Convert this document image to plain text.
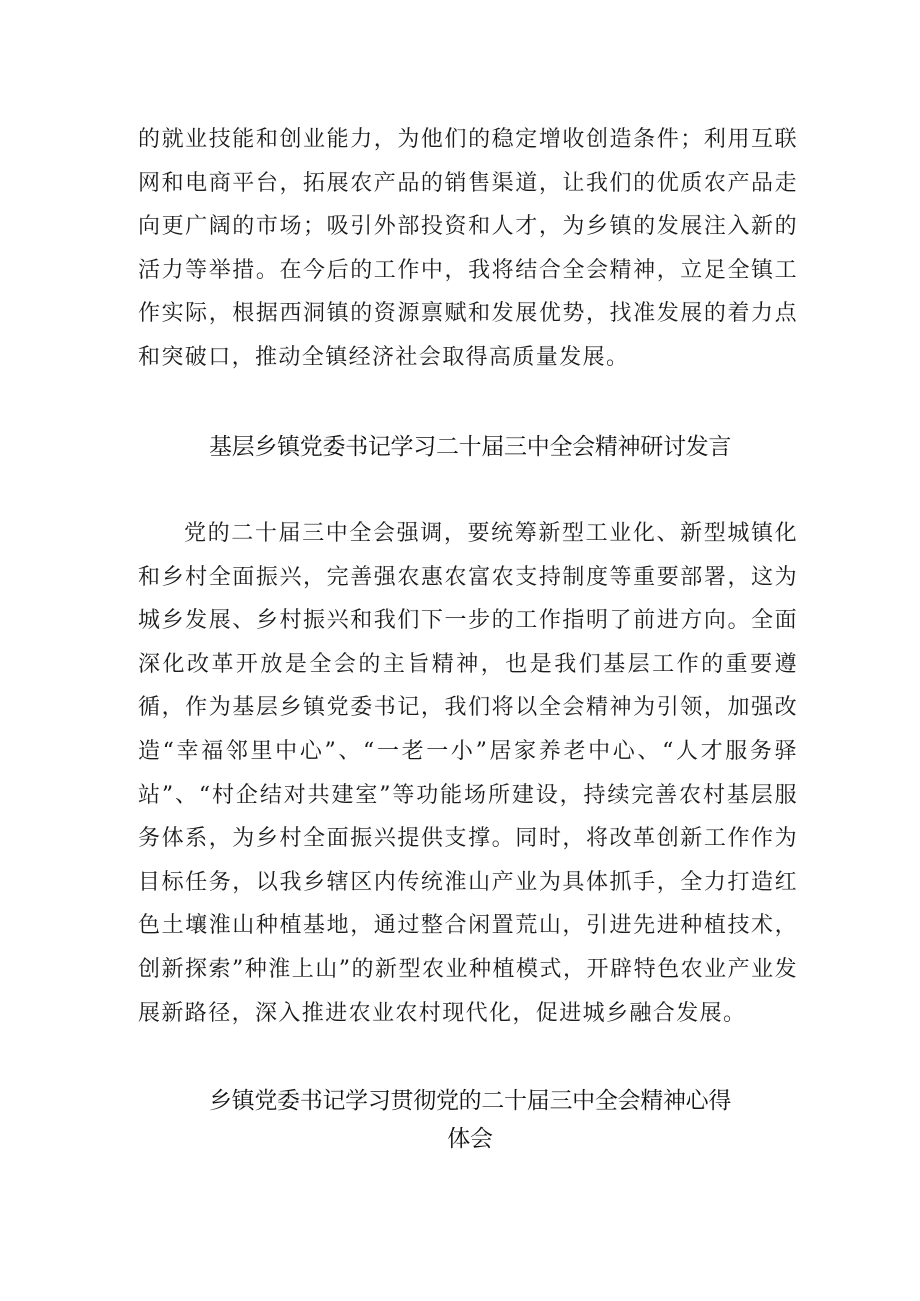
的就业技能和创业能力，为他们的稳定增收创造条件；利用互联网和电商平台，拓展农产品的销售渠道，让我们的优质农产品走向更广阔的市场；吸引外部投资和人才，为乡镇的发展注入新的活力等举措。在今后的工作中，我将结合全会精神，立足全镇工作实际，根据西洞镇的资源禀赋和发展优势，找准发展的着力点和突破口，推动全镇经济社会取得高质量发展。

基层乡镇党委书记学习二十届三中全会精神研讨发言

党的二十届三中全会强调，要统筹新型工业化、新型城镇化和乡村全面振兴，完善强农惠农富农支持制度等重要部署，这为城乡发展、乡村振兴和我们下一步的工作指明了前进方向。全面深化改革开放是全会的主旨精神，也是我们基层工作的重要遵循，作为基层乡镇党委书记，我们将以全会精神为引领，加强改造“幸福邻里中心”、“一老一小”居家养老中心、“人才服务驿站”、“村企结对共建室”等功能场所建设，持续完善农村基层服务体系，为乡村全面振兴提供支撑。同时，将改革创新工作作为目标任务，以我乡辖区内传统淮山产业为具体抓手，全力打造红色土壤淮山种植基地，通过整合闲置荒山，引进先进种植技术，创新探索”种淮上山”的新型农业种植模式，开辟特色农业产业发展新路径，深入推进农业农村现代化，促进城乡融合发展。

乡镇党委书记学习贯彻党的二十届三中全会精神心得
体会
